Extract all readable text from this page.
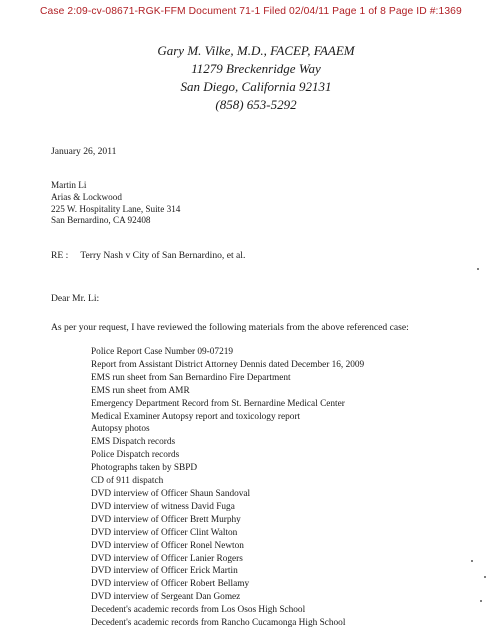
Case 2:09-cv-08671-RGK-FFM Document 71-1 Filed 02/04/11 Page 1 of 8 Page ID #:1369
Gary M. Vilke, M.D., FACEP, FAAEM
11279 Breckenridge Way
San Diego, California 92131
(858) 653-5292
January 26, 2011
Martin Li
Arias & Lockwood
225 W. Hospitality Lane, Suite 314
San Bernardino, CA 92408
RE : Terry Nash v City of San Bernardino, et al.
Dear Mr. Li:
As per your request, I have reviewed the following materials from the above referenced case:
Police Report Case Number 09-07219
Report from Assistant District Attorney Dennis dated December 16, 2009
EMS run sheet from San Bernardino Fire Department
EMS run sheet from AMR
Emergency Department Record from St. Bernardine Medical Center
Medical Examiner Autopsy report and toxicology report
Autopsy photos
EMS Dispatch records
Police Dispatch records
Photographs taken by SBPD
CD of 911 dispatch
DVD interview of Officer Shaun Sandoval
DVD interview of witness David Fuga
DVD interview of Officer Brett Murphy
DVD interview of Officer Clint Walton
DVD interview of Officer Ronel Newton
DVD interview of Officer Lanier Rogers
DVD interview of Officer Erick Martin
DVD interview of Officer Robert Bellamy
DVD interview of Sergeant Dan Gomez
Decedent's academic records from Los Osos High School
Decedent's academic records from Rancho Cucamonga High School
